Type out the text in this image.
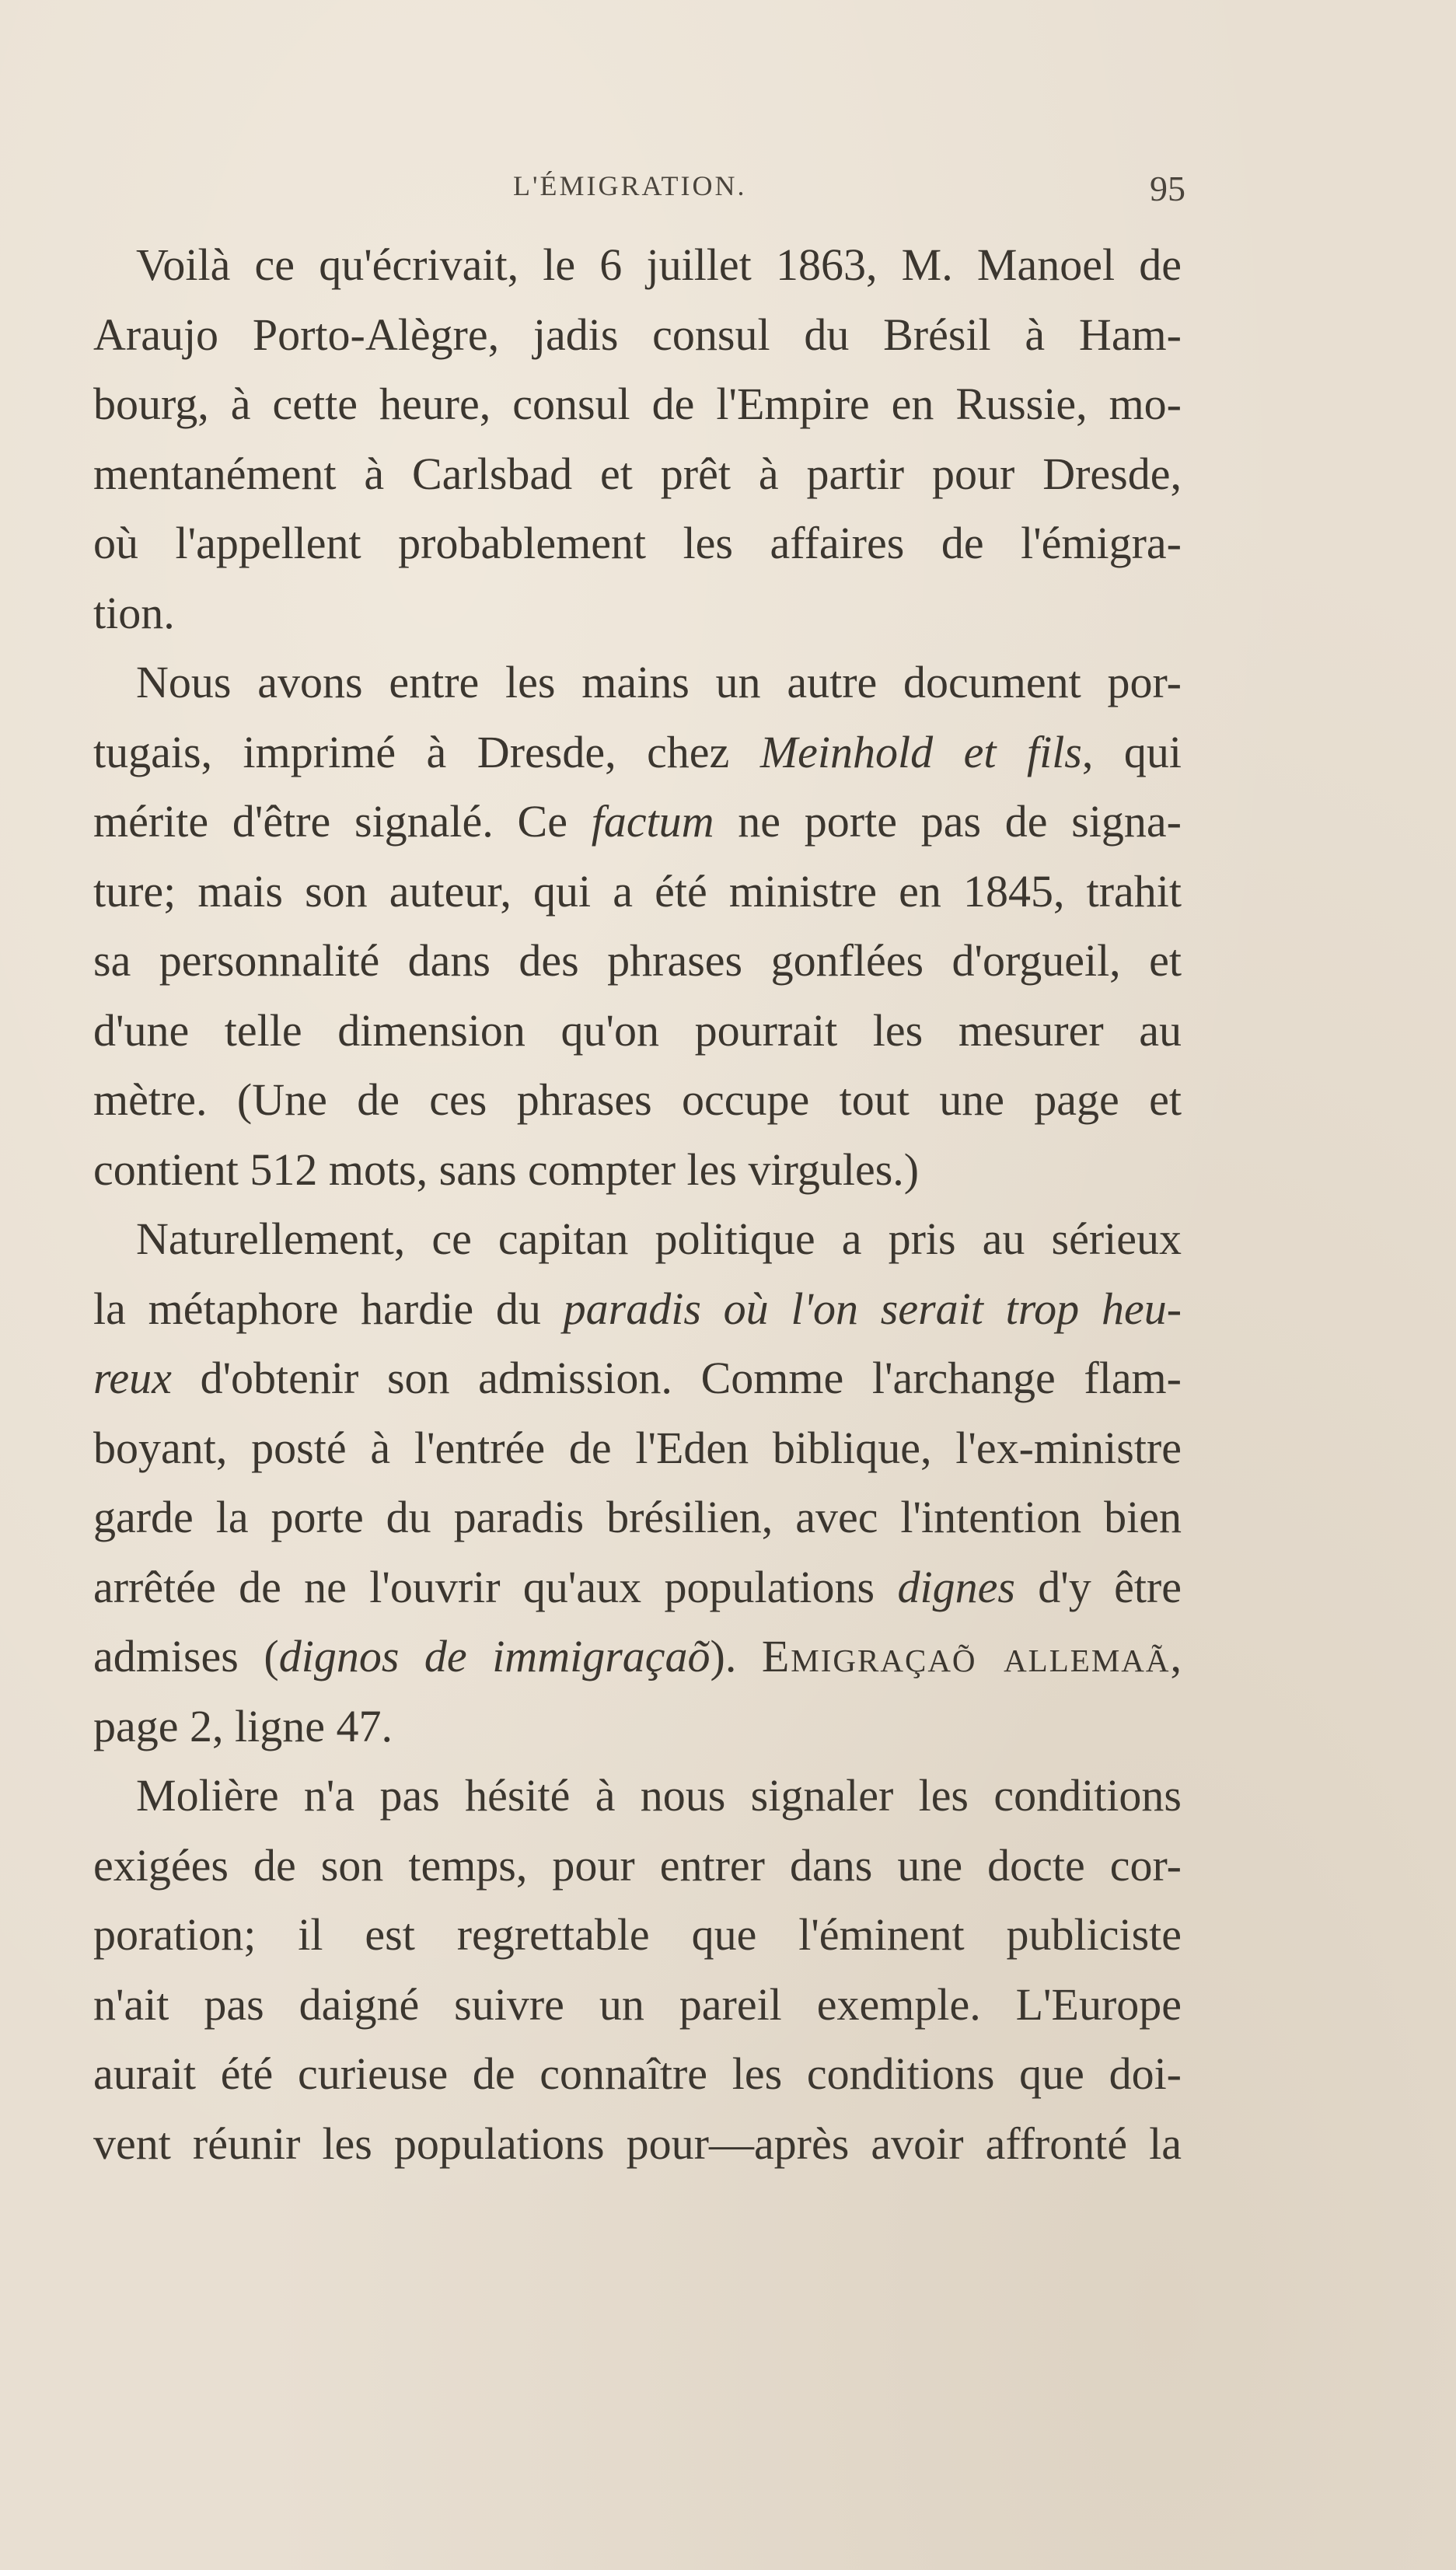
L'ÉMIGRATION.	95
Voilà ce qu'écrivait, le 6 juillet 1863, M. Manoel de
Araujo Porto-Alègre, jadis consul du Brésil à Ham-
bourg, à cette heure, consul de l'Empire en Russie, mo-
mentanément à Carlsbad et prêt à partir pour Dresde,
où l'appellent probablement les affaires de l'émigra-
tion.
Nous avons entre les mains un autre document por-
tugais, imprimé à Dresde, chez Meinhold et fils, qui
mérite d'être signalé. Ce factum ne porte pas de signa-
ture; mais son auteur, qui a été ministre en 1845, trahit
sa personnalité dans des phrases gonflées d'orgueil, et
d'une telle dimension qu'on pourrait les mesurer au
mètre. (Une de ces phrases occupe tout une page et
contient 512 mots, sans compter les virgules.)
Naturellement, ce capitan politique a pris au sérieux
la métaphore hardie du paradis où l'on serait trop heu-
reux d'obtenir son admission. Comme l'archange flam-
boyant, posté à l'entrée de l'Eden biblique, l'ex-ministre
garde la porte du paradis brésilien, avec l'intention bien
arrêtée de ne l'ouvrir qu'aux populations dignes d'y être
admises (dignos de immigraçaõ). Emigraçaõ allemaã,
page 2, ligne 47.
Molière n'a pas hésité à nous signaler les conditions
exigées de son temps, pour entrer dans une docte cor-
poration; il est regrettable que l'éminent publiciste
n'ait pas daigné suivre un pareil exemple. L'Europe
aurait été curieuse de connaître les conditions que doi-
vent réunir les populations pour—après avoir affronté la
